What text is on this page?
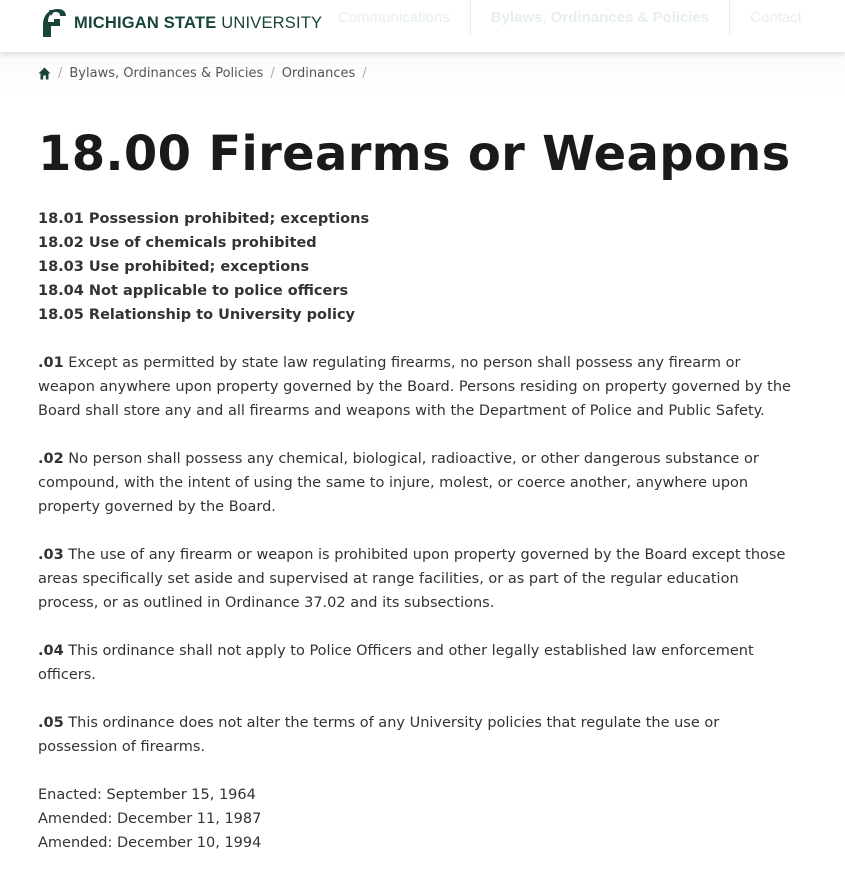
Communications	Bylaws, Ordinances & Policies	Contact
MICHIGAN STATE UNIVERSITY
/ Bylaws, Ordinances & Policies / Ordinances /
18.00 Firearms or Weapons
18.01 Possession prohibited; exceptions
18.02 Use of chemicals prohibited
18.03 Use prohibited; exceptions
18.04 Not applicable to police officers
18.05 Relationship to University policy

.01 Except as permitted by state law regulating firearms, no person shall possess any firearm or weapon anywhere upon property governed by the Board. Persons residing on property governed by the Board shall store any and all firearms and weapons with the Department of Police and Public Safety.

.02 No person shall possess any chemical, biological, radioactive, or other dangerous substance or compound, with the intent of using the same to injure, molest, or coerce another, anywhere upon property governed by the Board.

.03 The use of any firearm or weapon is prohibited upon property governed by the Board except those areas specifically set aside and supervised at range facilities, or as part of the regular education process, or as outlined in Ordinance 37.02 and its subsections.

.04 This ordinance shall not apply to Police Officers and other legally established law enforcement officers.

.05 This ordinance does not alter the terms of any University policies that regulate the use or possession of firearms.

Enacted: September 15, 1964
Amended: December 11, 1987
Amended: December 10, 1994
